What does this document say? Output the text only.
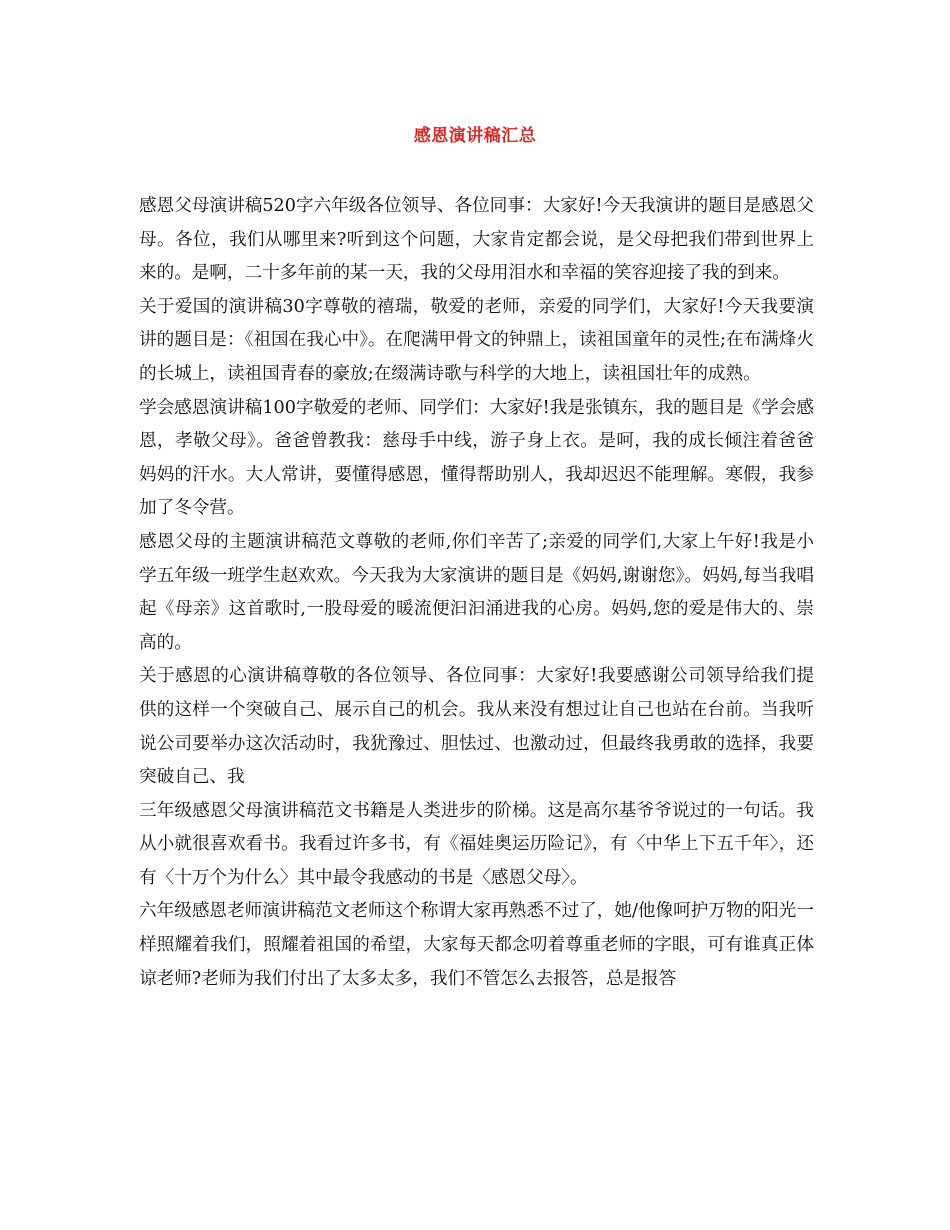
感恩演讲稿汇总

感恩父母演讲稿520字六年级各位领导、各位同事：大家好!今天我演讲的题目是感恩父母。各位，我们从哪里来?听到这个问题，大家肯定都会说，是父母把我们带到世界上来的。是啊，二十多年前的某一天，我的父母用泪水和幸福的笑容迎接了我的到来。

关于爱国的演讲稿30字尊敬的禧瑞，敬爱的老师，亲爱的同学们，大家好!今天我要演讲的题目是：《祖国在我心中》。在爬满甲骨文的钟鼎上，读祖国童年的灵性;在布满烽火的长城上，读祖国青春的豪放;在缀满诗歌与科学的大地上，读祖国壮年的成熟。

学会感恩演讲稿100字敬爱的老师、同学们：大家好!我是张镇东，我的题目是《学会感恩，孝敬父母》。爸爸曾教我：慈母手中线，游子身上衣。是呵，我的成长倾注着爸爸妈妈的汗水。大人常讲，要懂得感恩，懂得帮助别人，我却迟迟不能理解。寒假，我参加了冬令营。

感恩父母的主题演讲稿范文尊敬的老师,你们辛苦了;亲爱的同学们,大家上午好!我是小学五年级一班学生赵欢欢。今天我为大家演讲的题目是《妈妈,谢谢您》。妈妈,每当我唱起《母亲》这首歌时,一股母爱的暖流便汩汩涌进我的心房。妈妈,您的爱是伟大的、崇高的。

关于感恩的心演讲稿尊敬的各位领导、各位同事：大家好!我要感谢公司领导给我们提供的这样一个突破自己、展示自己的机会。我从来没有想过让自己也站在台前。当我听说公司要举办这次活动时，我犹豫过、胆怯过、也激动过，但最终我勇敢的选择，我要突破自己、我

三年级感恩父母演讲稿范文书籍是人类进步的阶梯。这是高尔基爷爷说过的一句话。我从小就很喜欢看书。我看过许多书，有《福娃奥运历险记》，有〈中华上下五千年〉，还有〈十万个为什么〉其中最令我感动的书是〈感恩父母〉。

六年级感恩老师演讲稿范文老师这个称谓大家再熟悉不过了，她/他像呵护万物的阳光一样照耀着我们，照耀着祖国的希望，大家每天都念叨着尊重老师的字眼，可有谁真正体谅老师?老师为我们付出了太多太多，我们不管怎么去报答，总是报答
